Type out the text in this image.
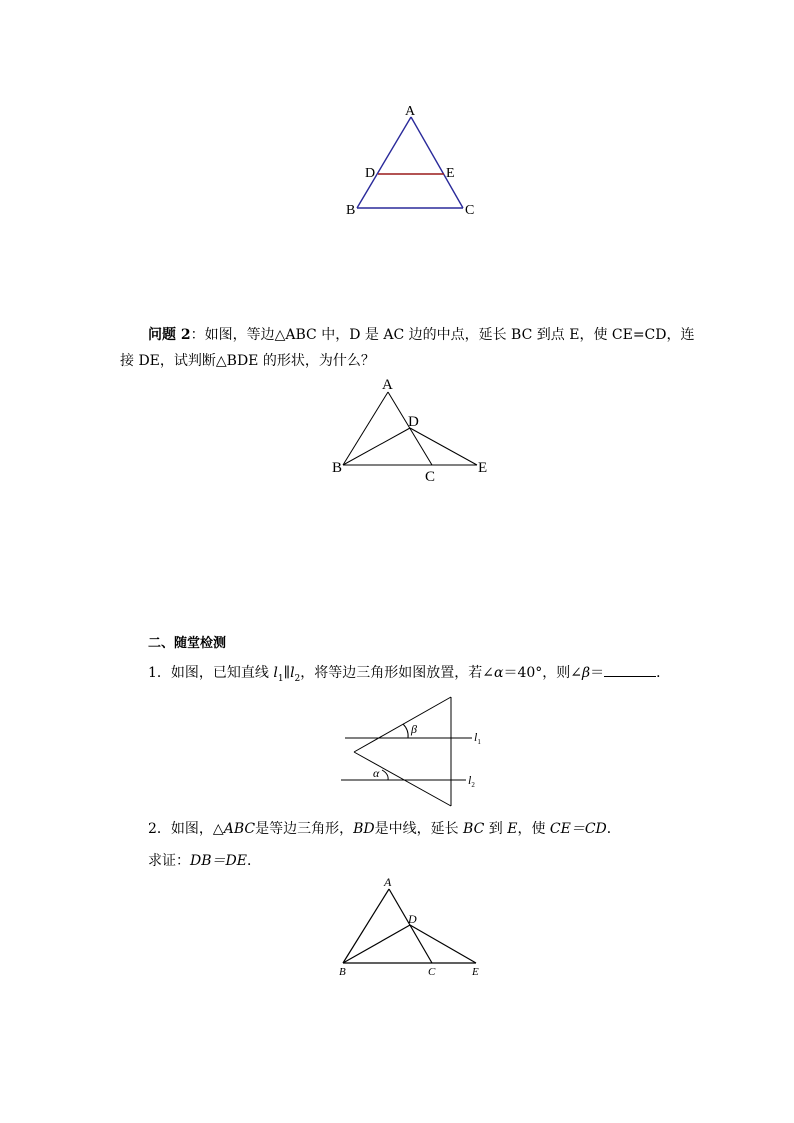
A
D	E
B	C
问题 2：如图，等边△ABC 中，D 是 AC 边的中点，延长 BC 到点 E，使 CE=CD，连
接 DE，试判断△BDE 的形状，为什么？
A
D
B
C
E
二、随堂检测
1．如图，已知直线 $l_1\parallel l_2$，将等边三角形如图放置，若∠α＝40°，则∠β＝	．
β
α
$l_1$
$l_2$
2．如图，△ABC是等边三角形，BD是中线，延长 BC 到 E，使 CE＝CD．
求证：DB＝DE．
A
D
B	C	E
